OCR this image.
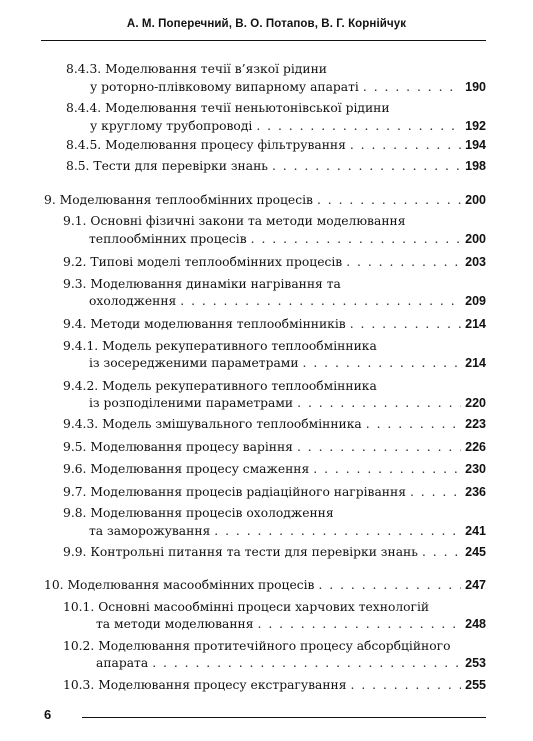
А. М. Поперечний, В. О. Потапов, В. Г. Корнійчук
8.4.3. Моделювання течії в’язкої рідини
у роторно-плівковому випарному апараті . . .	190
8.4.4. Моделювання течії неньютонівської рідини
у круглому трубопроводі . . .	192
8.4.5. Моделювання процесу фільтрування . . .	194
8.5. Тести для перевірки знань . . .	198
9. Моделювання теплообмінних процесів . . .	200
9.1. Основні фізичні закони та методи моделювання
теплообмінних процесів . . .	200
9.2. Типові моделі теплообмінних процесів . . .	203
9.3. Моделювання динаміки нагрівання та
охолодження . . .	209
9.4. Методи моделювання теплообмінників . . .	214
9.4.1. Модель рекуперативного теплообмінника
із зосередженими параметрами . . .	214
9.4.2. Модель рекуперативного теплообмінника
із розподіленими параметрами . . .	220
9.4.3. Модель змішувального теплообмінника . . .	223
9.5. Моделювання процесу варіння . . .	226
9.6. Моделювання процесу смаження . . .	230
9.7. Моделювання процесів радіаційного нагрівання . . .	236
9.8. Моделювання процесів охолодження
та заморожування . . .	241
9.9. Контрольні питання та тести для перевірки знань . . .	245
10. Моделювання масообмінних процесів . . .	247
10.1. Основні масообмінні процеси харчових технологій
та методи моделювання . . .	248
10.2. Моделювання протитечійного процесу абсорбційного
апарата . . .	253
10.3. Моделювання процесу екстрагування . . .	255
6
